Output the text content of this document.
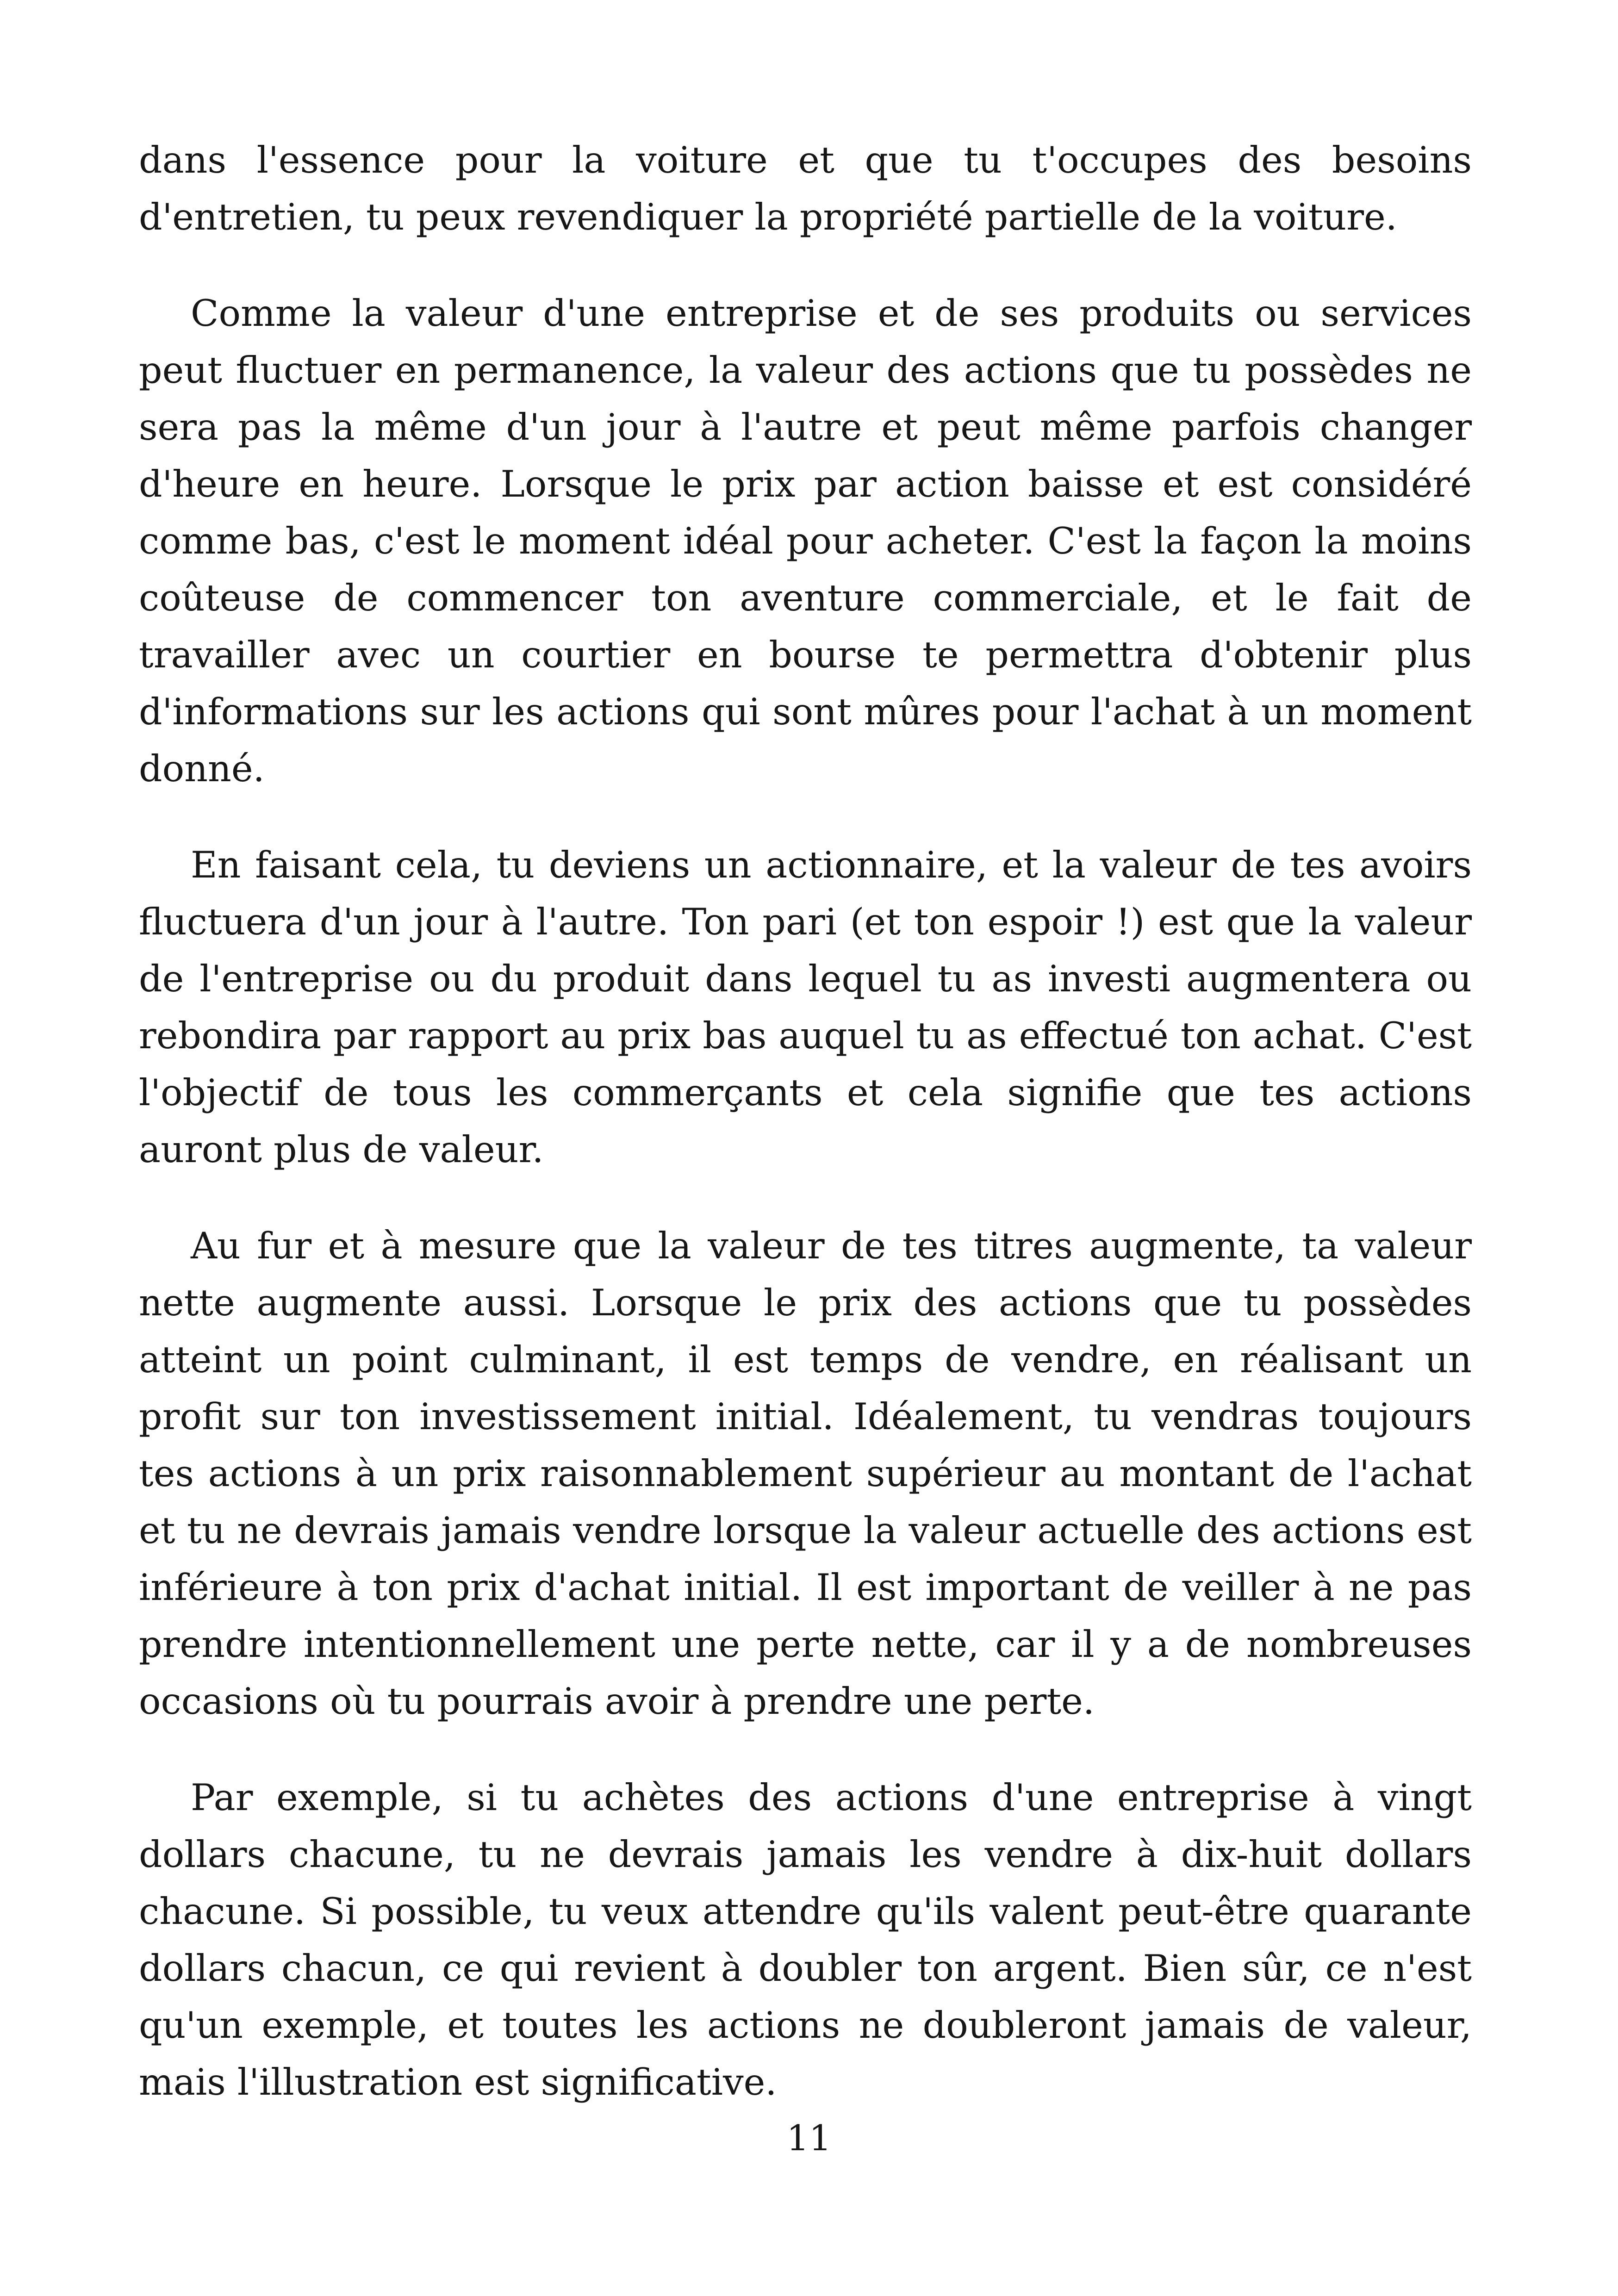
dans l'essence pour la voiture et que tu t'occupes des besoins d'entretien, tu peux revendiquer la propriété partielle de la voiture.

Comme la valeur d'une entreprise et de ses produits ou services peut fluctuer en permanence, la valeur des actions que tu possèdes ne sera pas la même d'un jour à l'autre et peut même parfois changer d'heure en heure. Lorsque le prix par action baisse et est considéré comme bas, c'est le moment idéal pour acheter. C'est la façon la moins coûteuse de commencer ton aventure commerciale, et le fait de travailler avec un courtier en bourse te permettra d'obtenir plus d'informations sur les actions qui sont mûres pour l'achat à un moment donné.

En faisant cela, tu deviens un actionnaire, et la valeur de tes avoirs fluctuera d'un jour à l'autre. Ton pari (et ton espoir !) est que la valeur de l'entreprise ou du produit dans lequel tu as investi augmentera ou rebondira par rapport au prix bas auquel tu as effectué ton achat. C'est l'objectif de tous les commerçants et cela signifie que tes actions auront plus de valeur.

Au fur et à mesure que la valeur de tes titres augmente, ta valeur nette augmente aussi. Lorsque le prix des actions que tu possèdes atteint un point culminant, il est temps de vendre, en réalisant un profit sur ton investissement initial. Idéalement, tu vendras toujours tes actions à un prix raisonnablement supérieur au montant de l'achat et tu ne devrais jamais vendre lorsque la valeur actuelle des actions est inférieure à ton prix d'achat initial. Il est important de veiller à ne pas prendre intentionnellement une perte nette, car il y a de nombreuses occasions où tu pourrais avoir à prendre une perte.

Par exemple, si tu achètes des actions d'une entreprise à vingt dollars chacune, tu ne devrais jamais les vendre à dix-huit dollars chacune. Si possible, tu veux attendre qu'ils valent peut-être quarante dollars chacun, ce qui revient à doubler ton argent. Bien sûr, ce n'est qu'un exemple, et toutes les actions ne doubleront jamais de valeur, mais l'illustration est significative.

11
